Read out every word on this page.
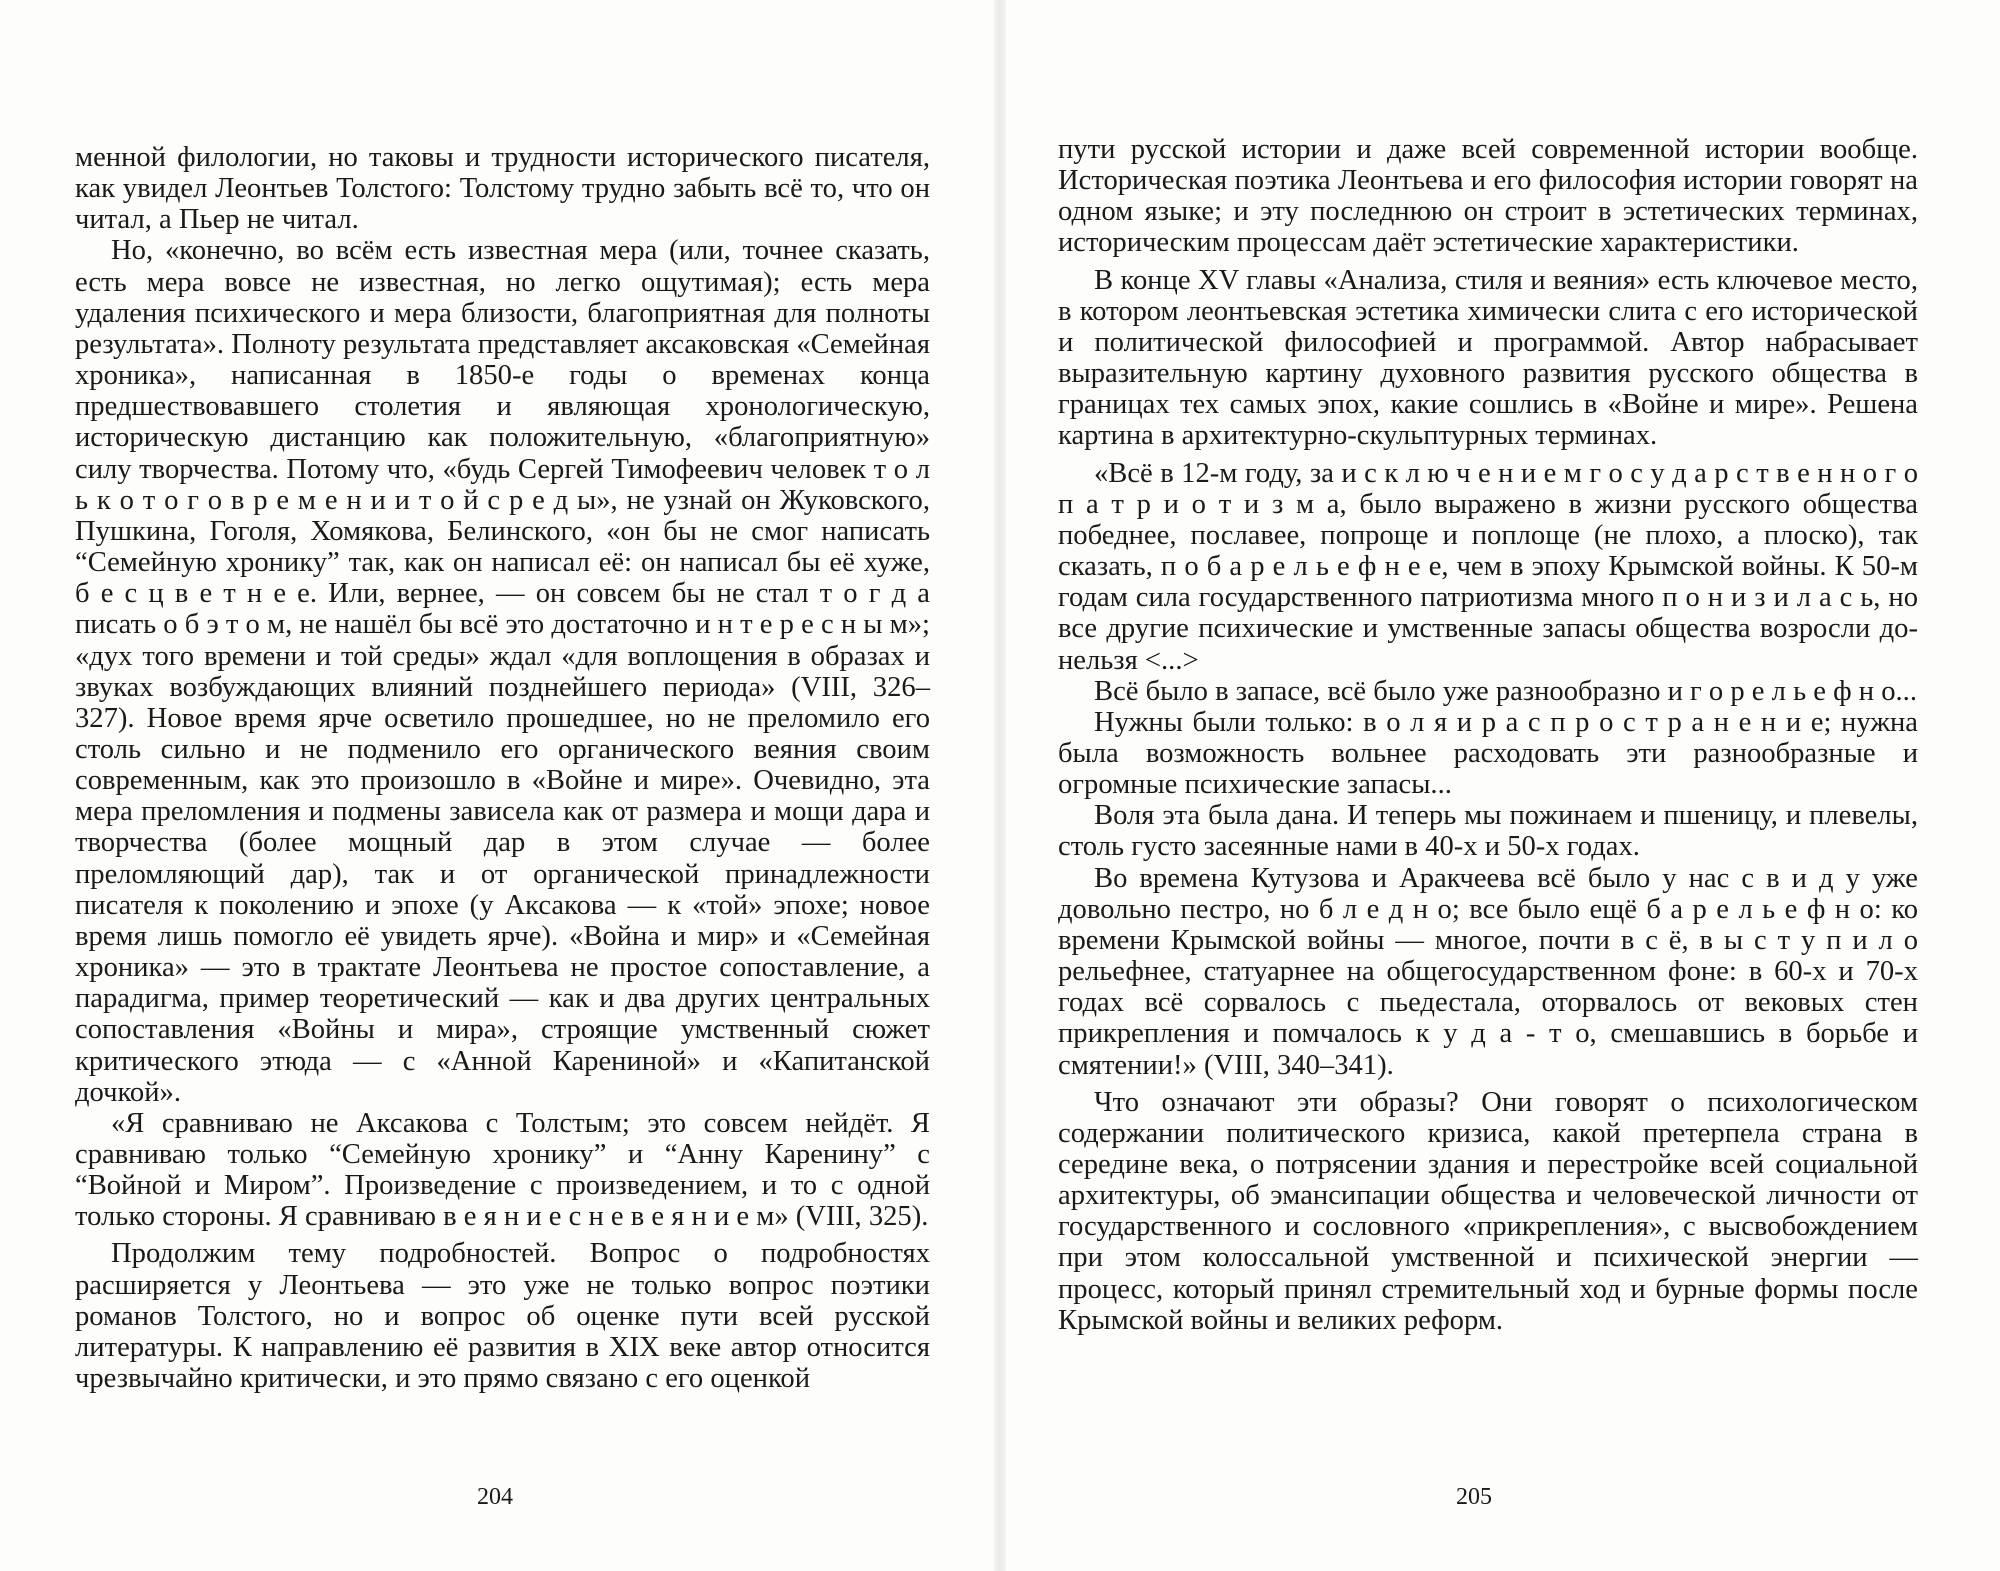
менной филологии, но таковы и трудности исторического писателя, как увидел Леонтьев Толстого: Толстому трудно забыть всё то, что он читал, а Пьер не читал.

Но, «конечно, во всём есть известная мера (или, точнее сказать, есть мера вовсе не известная, но легко ощутимая); есть мера удаления психического и мера близости, благоприятная для полноты результата». Полноту результата представляет аксаковская «Семейная хроника», написанная в 1850-е годы о временах конца предшествовавшего столетия и являющая хронологическую, историческую дистанцию как положительную, «благоприятную» силу творчества. Потому что, «будь Сергей Тимофеевич человек т о л ь к о т о г о в р е м е н и и т о й с р е д ы», не узнай он Жуковского, Пушкина, Гоголя, Хомякова, Белинского, «он бы не смог написать “Семейную хронику” так, как он написал её: он написал бы её хуже, б е с ц в е т н е е. Или, вернее, — он совсем бы не стал т о г д а писать о б э т о м, не нашёл бы всё это достаточно и н т е р е с н ы м»; «дух того времени и той среды» ждал «для воплощения в образах и звуках возбуждающих влияний позднейшего периода» (VIII, 326–327). Новое время ярче осветило прошедшее, но не преломило его столь сильно и не подменило его органического веяния своим современным, как это произошло в «Войне и мире». Очевидно, эта мера преломления и подмены зависела как от размера и мощи дара и творчества (более мощный дар в этом случае — более преломляющий дар), так и от органической принадлежности писателя к поколению и эпохе (у Аксакова — к «той» эпохе; новое время лишь помогло её увидеть ярче). «Война и мир» и «Семейная хроника» — это в трактате Леонтьева не простое сопоставление, а парадигма, пример теоретический — как и два других центральных сопоставления «Войны и мира», строящие умственный сюжет критического этюда — с «Анной Карениной» и «Капитанской дочкой».

«Я сравниваю не Аксакова с Толстым; это совсем нейдёт. Я сравниваю только “Семейную хронику” и “Анну Каренину” с “Войной и Миром”. Произведение с произведением, и то с одной только стороны. Я сравниваю в е я н и е с н е в е я н и е м» (VIII, 325).

Продолжим тему подробностей. Вопрос о подробностях расширяется у Леонтьева — это уже не только вопрос поэтики романов Толстого, но и вопрос об оценке пути всей русской литературы. К направлению её развития в XIX веке автор относится чрезвычайно критически, и это прямо связано с его оценкой

204

пути русской истории и даже всей современной истории вообще. Историческая поэтика Леонтьева и его философия истории говорят на одном языке; и эту последнюю он строит в эстетических терминах, историческим процессам даёт эстетические характеристики.

В конце XV главы «Анализа, стиля и веяния» есть ключевое место, в котором леонтьевская эстетика химически слита с его исторической и политической философией и программой. Автор набрасывает выразительную картину духовного развития русского общества в границах тех самых эпох, какие сошлись в «Войне и мире». Решена картина в архитектурно-скульптурных терминах.

«Всё в 12-м году, за и с к л ю ч е н и е м г о с у д а р с т в е н н о г о п а т р и о т и з м а, было выражено в жизни русского общества победнее, пославее, попроще и поплоще (не плохо, а плоско), так сказать, п о б а р е л ь е ф н е е, чем в эпоху Крымской войны. К 50-м годам сила государственного патриотизма много п о н и з и л а с ь, но все другие психические и умственные запасы общества возросли до-нельзя <...>

Всё было в запасе, всё было уже разнообразно и г о р е л ь е ф н о...

Нужны были только: в о л я и р а с п р о с т р а н е н и е; нужна была возможность вольнее расходовать эти разнообразные и огромные психические запасы...

Воля эта была дана. И теперь мы пожинаем и пшеницу, и плевелы, столь густо засеянные нами в 40-х и 50-х годах.

Во времена Кутузова и Аракчеева всё было у нас с в и д у уже довольно пестро, но б л е д н о; все было ещё б а р е л ь е ф н о: ко времени Крымской войны — многое, почти в с ё, в ы с т у п и л о рельефнее, статуарнее на общегосударственном фоне: в 60-х и 70-х годах всё сорвалось с пьедестала, оторвалось от вековых стен прикрепления и помчалось к у д а - т о, смешавшись в борьбе и смятении!» (VIII, 340–341).

Что означают эти образы? Они говорят о психологическом содержании политического кризиса, какой претерпела страна в середине века, о потрясении здания и перестройке всей социальной архитектуры, об эмансипации общества и человеческой личности от государственного и сословного «прикрепления», с высвобождением при этом колоссальной умственной и психической энергии — процесс, который принял стремительный ход и бурные формы после Крымской войны и великих реформ.

205
